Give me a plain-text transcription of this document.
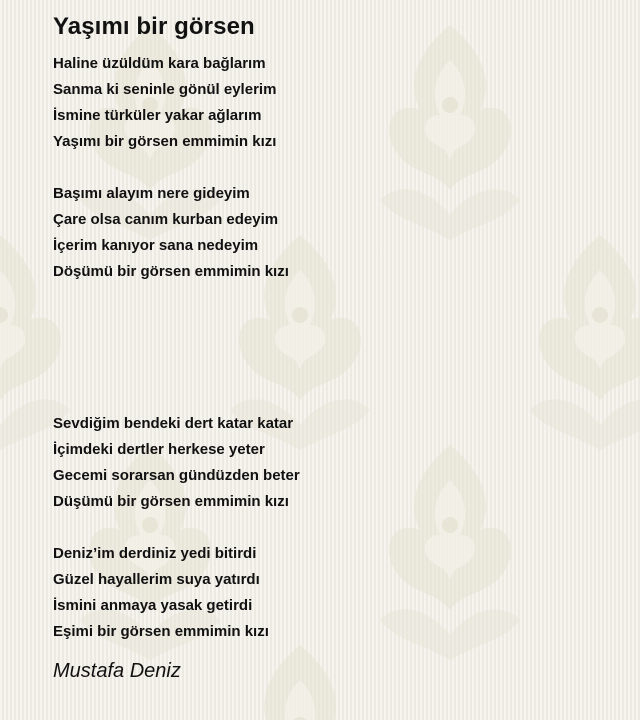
Yaşımı bir görsen
Haline üzüldüm kara bağlarım
Sanma ki seninle gönül eylerim
İsmine türküler yakar ağlarım
Yaşımı bir görsen emmimin kızı
Başımı alayım nere gideyim
Çare olsa canım kurban edeyim
İçerim kanıyor sana nedeyim
Döşümü bir görsen emmimin kızı
Sevdiğim bendeki dert katar katar
İçimdeki dertler herkese yeter
Gecemi sorarsan gündüzden beter
Düşümü bir görsen emmimin kızı
Deniz’im derdiniz yedi bitirdi
Güzel hayallerim suya yatırdı
İsmini anmaya yasak getirdi
Eşimi bir görsen emmimin kızı
Mustafa Deniz
